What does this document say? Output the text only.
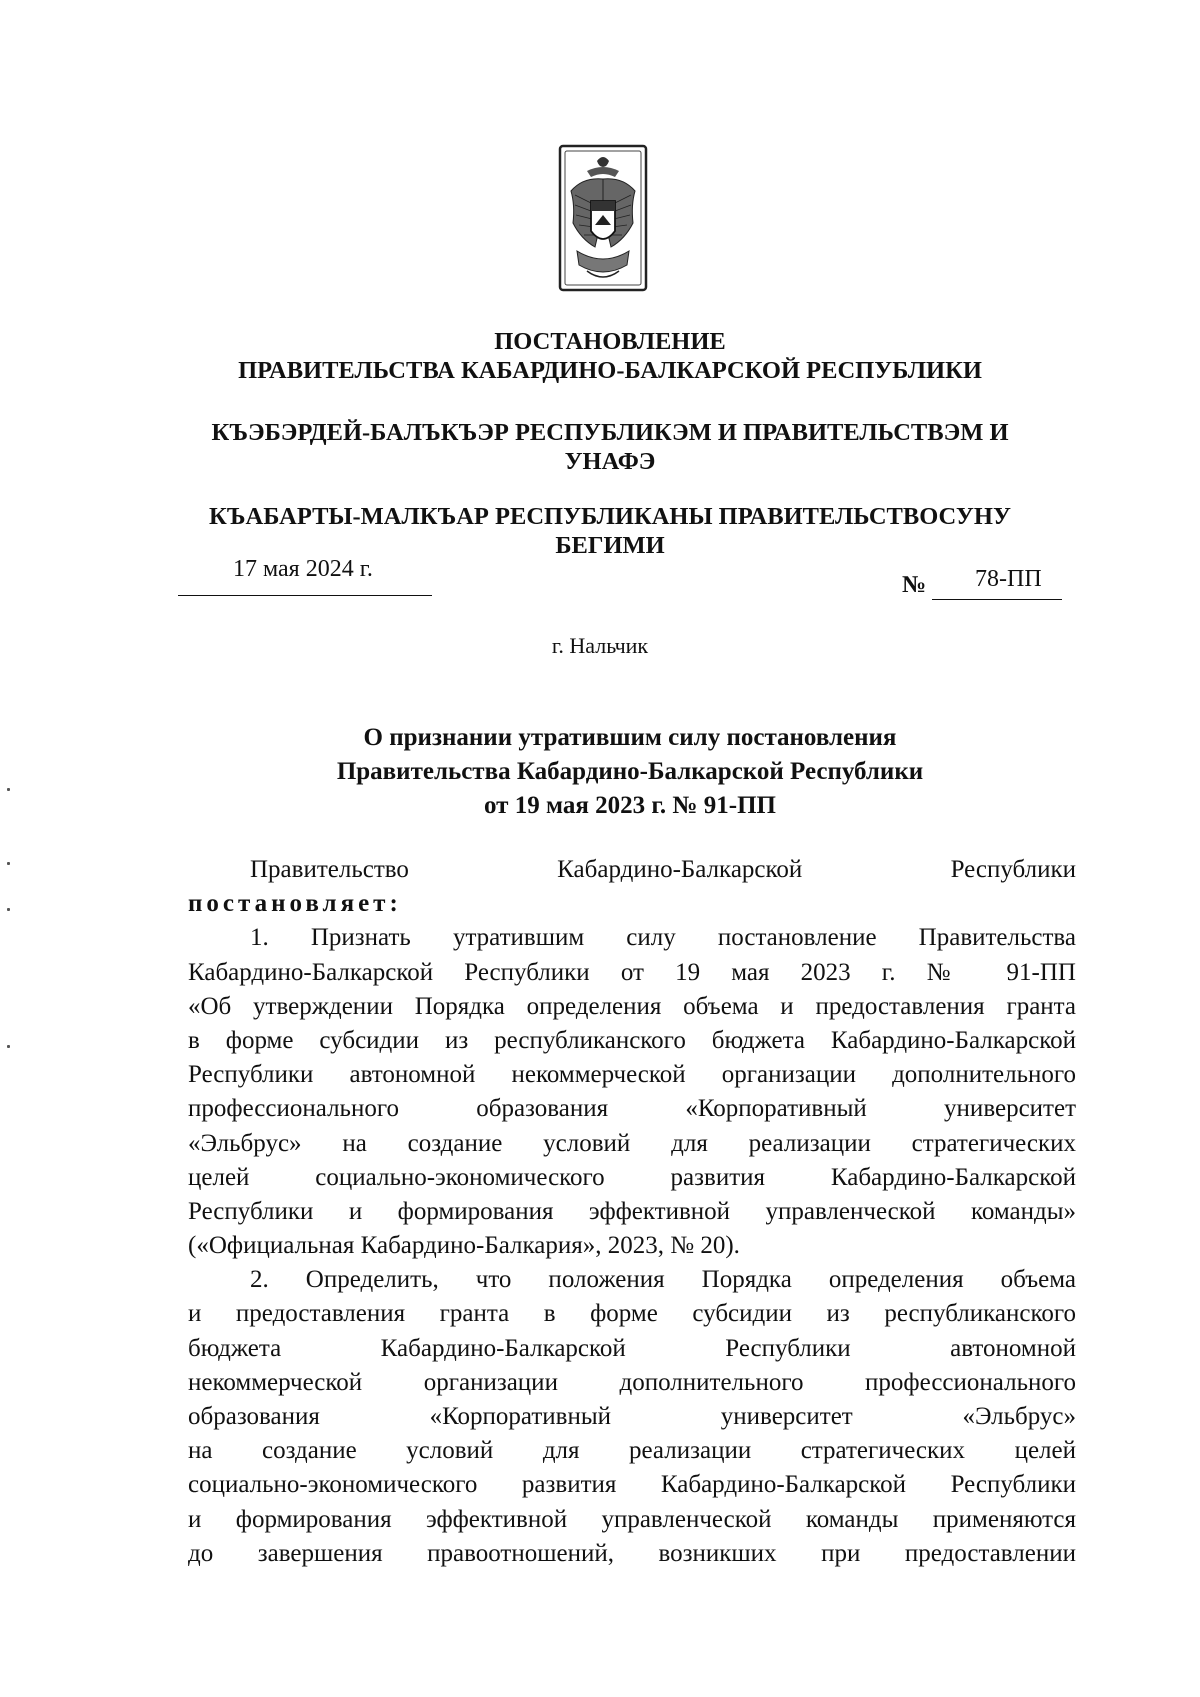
ПОСТАНОВЛЕНИЕ
ПРАВИТЕЛЬСТВА КАБАРДИНО-БАЛКАРСКОЙ РЕСПУБЛИКИ
КЪЭБЭРДЕЙ-БАЛЪКЪЭР РЕСПУБЛИКЭМ И ПРАВИТЕЛЬСТВЭМ И
УНАФЭ
КЪАБАРТЫ-МАЛКЪАР РЕСПУБЛИКАНЫ ПРАВИТЕЛЬСТВОСУНУ
БЕГИМИ
17 мая 2024 г.
№ 78-ПП
г. Нальчик
О признании утратившим силу постановления
Правительства Кабардино-Балкарской Республики
от 19 мая 2023 г. № 91-ПП
Правительство Кабардино-Балкарской Республики
постановляет:
1. Признать утратившим силу постановление Правительства
Кабардино-Балкарской Республики от 19 мая 2023 г. № 91-ПП
«Об утверждении Порядка определения объема и предоставления гранта
в форме субсидии из республиканского бюджета Кабардино-Балкарской
Республики автономной некоммерческой организации дополнительного
профессионального образования «Корпоративный университет
«Эльбрус» на создание условий для реализации стратегических
целей социально-экономического развития Кабардино-Балкарской
Республики и формирования эффективной управленческой команды»
(«Официальная Кабардино-Балкария», 2023, № 20).
2. Определить, что положения Порядка определения объема
и предоставления гранта в форме субсидии из республиканского
бюджета Кабардино-Балкарской Республики автономной
некоммерческой организации дополнительного профессионального
образования «Корпоративный университет «Эльбрус»
на создание условий для реализации стратегических целей
социально-экономического развития Кабардино-Балкарской Республики
и формирования эффективной управленческой команды применяются
до завершения правоотношений, возникших при предоставлении
